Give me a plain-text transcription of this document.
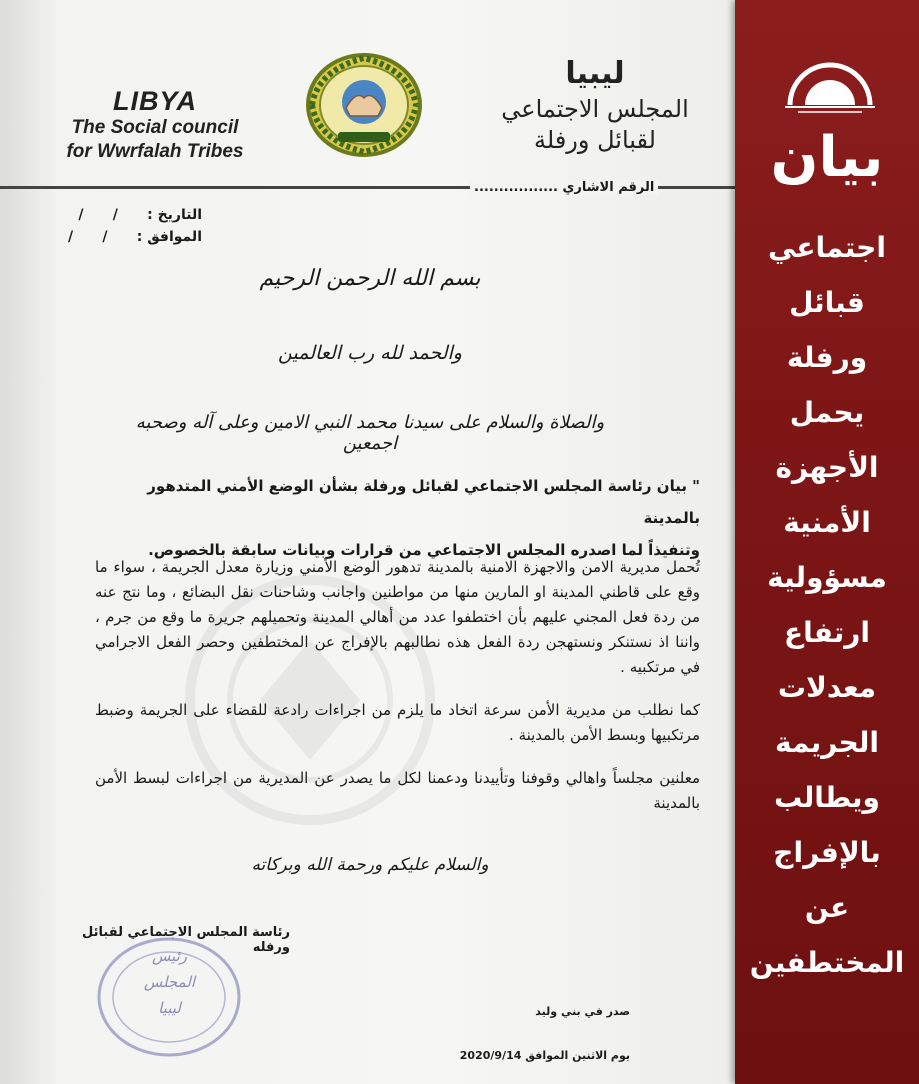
LIBYA
The Social council
for Wwrfalah Tribes
ليبيا
المجلس الاجتماعي
لقبائل ورفلة
الرقم الاشاري .................
التاريخ :      /      /
الموافق :      /      /
بسم الله الرحمن الرحيم
والحمد لله رب العالمين
والصلاة والسلام على سيدنا محمد النبي الامين وعلى آله وصحبه اجمعين
" بيان رئاسة المجلس الاجتماعي لقبائل ورفلة بشأن الوضع الأمني المتدهور بالمدينة
وتنفيذاً لما اصدره المجلس الاجتماعي من قرارات وبيانات سابقة بالخصوص.

تُحمل مديرية الامن والاجهزة الامنية بالمدينة تدهور الوضع الأمني وزيارة معدل الجريمة ، سواء ما وقع على قاطني المدينة او المارين منها من مواطنين واجانب وشاحنات نقل البضائع ، وما نتج عنه من ردة فعل المجني عليهم بأن اختطفوا عدد من أهالي المدينة وتحميلهم جريرة ما وقع من جرم ، واننا اذ نستنكر ونستهجن ردة الفعل هذه نطالبهم بالإفراج عن المختطفين وحصر الفعل الاجرامي في مرتكبيه .

كما نطلب من مديرية الأمن سرعة اتخاد ما يلزم من اجراءات رادعة للقضاء على الجريمة وضبط مرتكبيها وبسط الأمن بالمدينة .

معلنين مجلساً واهالي وقوفنا وتأييدنا ودعمنا لكل ما يصدر عن المديرية من اجراءات لبسط الأمن بالمدينة

والسلام عليكم ورحمة الله وبركاته
رئاسة المجلس الاجتماعي لقبائل ورفله
رئيس
المجلس
ليبيا	صدر في بني وليد
يوم الاثنين الموافق 2020/9/14
بيان
اجتماعي
قبائل
ورفلة
يحمل
الأجهزة
الأمنية
مسؤولية
ارتفاع
معدلات
الجريمة
ويطالب
بالإفراج
عن
المختطفين
